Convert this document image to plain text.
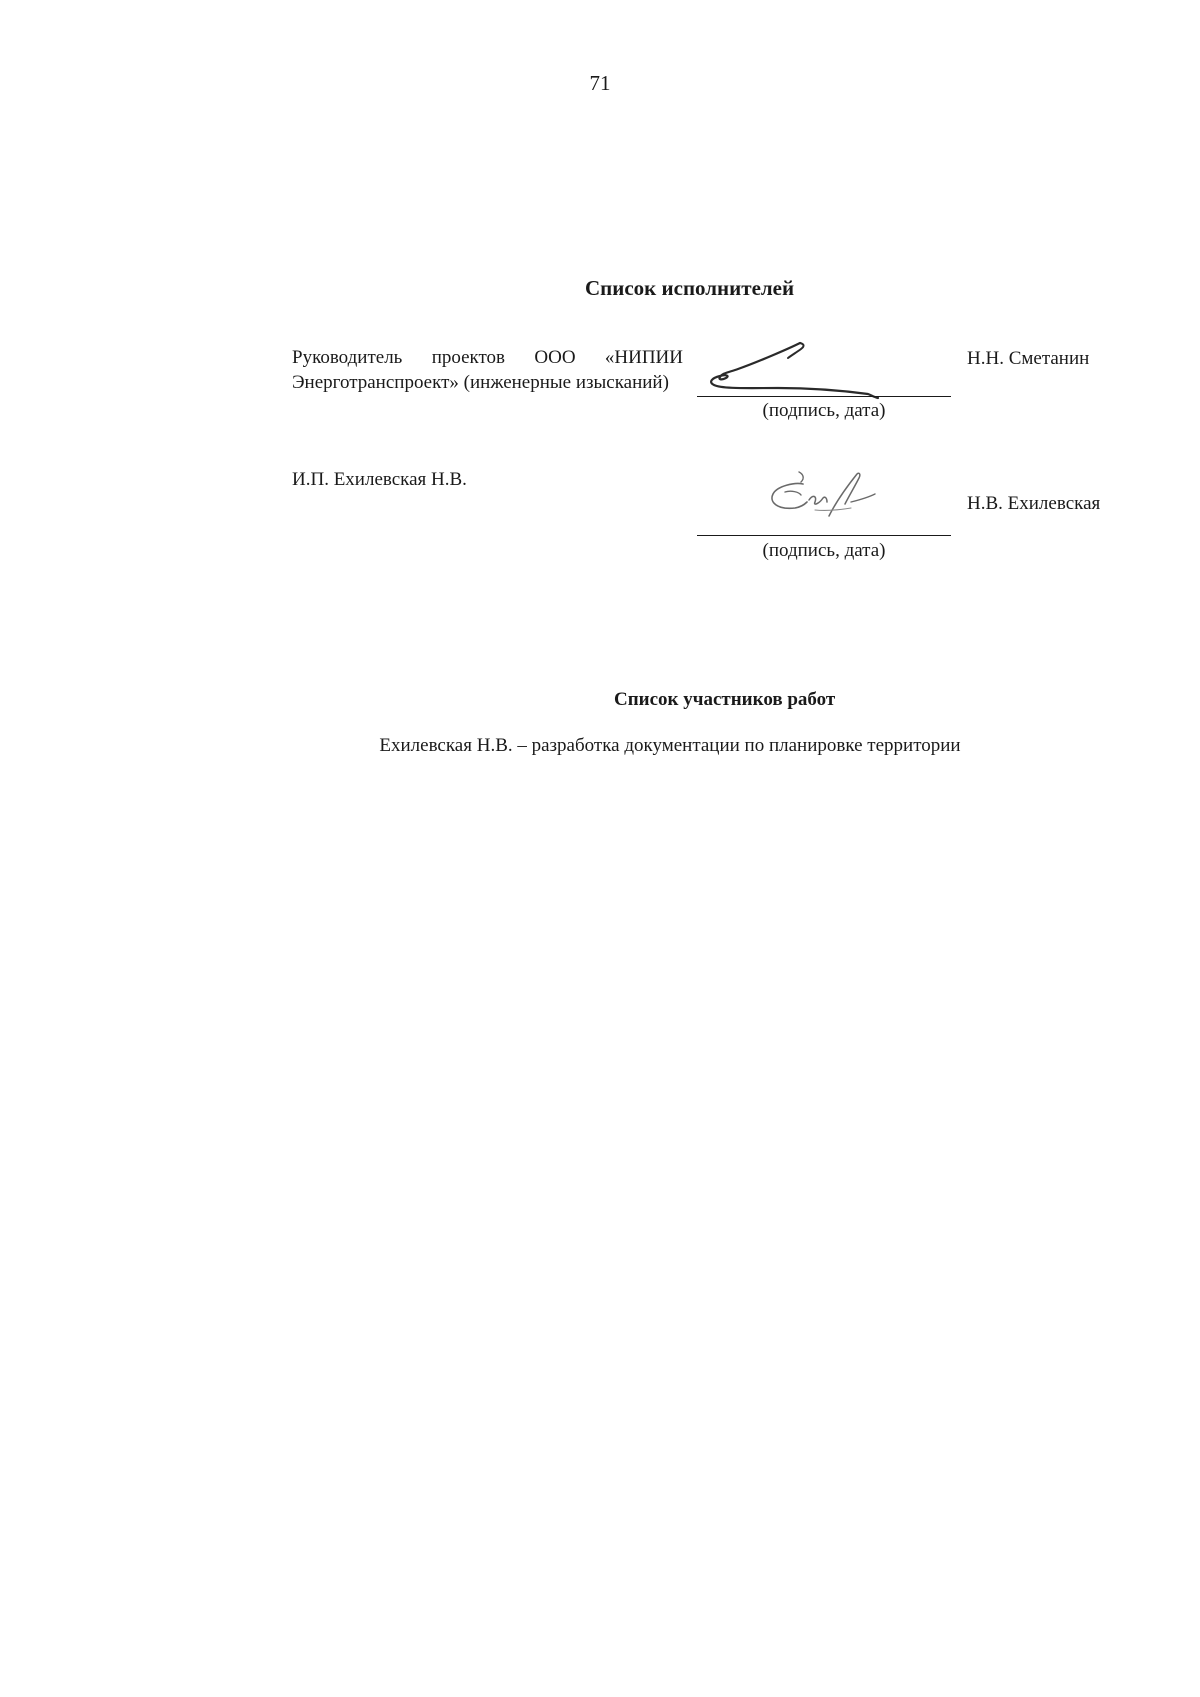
71
Список исполнителей
Руководитель проектов ООО «НИПИИ Энерготранспроект» (инженерные изысканий)
(подпись, дата)
Н.Н. Сметанин
И.П. Ехилевская Н.В.
Н.В. Ехилевская
(подпись, дата)
Список участников работ
Ехилевская Н.В. – разработка документации по планировке территории
